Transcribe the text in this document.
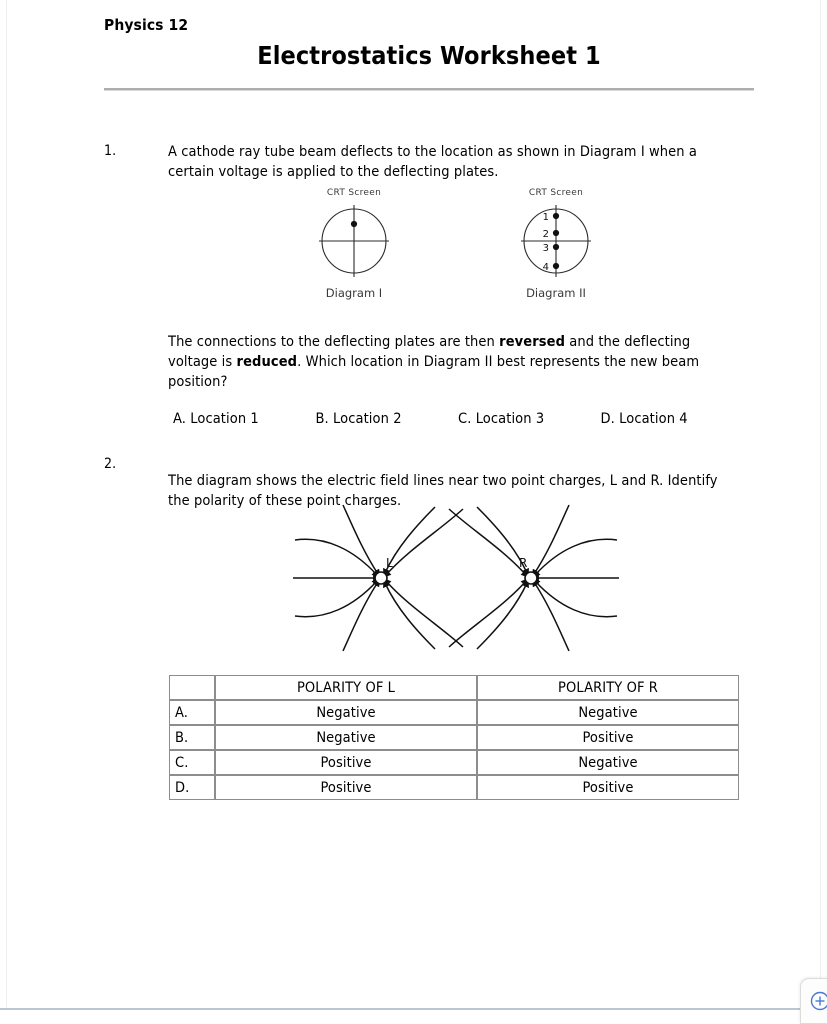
Physics 12
Electrostatics Worksheet 1
1.	A cathode ray tube beam deflects to the location as shown in Diagram I when a certain voltage is applied to the deflecting plates.
CRT Screen
Diagram I
CRT Screen
1
2
3
4
Diagram II
The connections to the deflecting plates are then reversed and the deflecting voltage is reduced. Which location in Diagram II best represents the new beam position?
A. Location 1	B. Location 2	C. Location 3	D. Location 4
2.
The diagram shows the electric field lines near two point charges, L and R. Identify the polarity of these point charges.
L	R
	POLARITY OF L	POLARITY OF R
A.	Negative	Negative
B.	Negative	Positive
C.	Positive	Negative
D.	Positive	Positive
